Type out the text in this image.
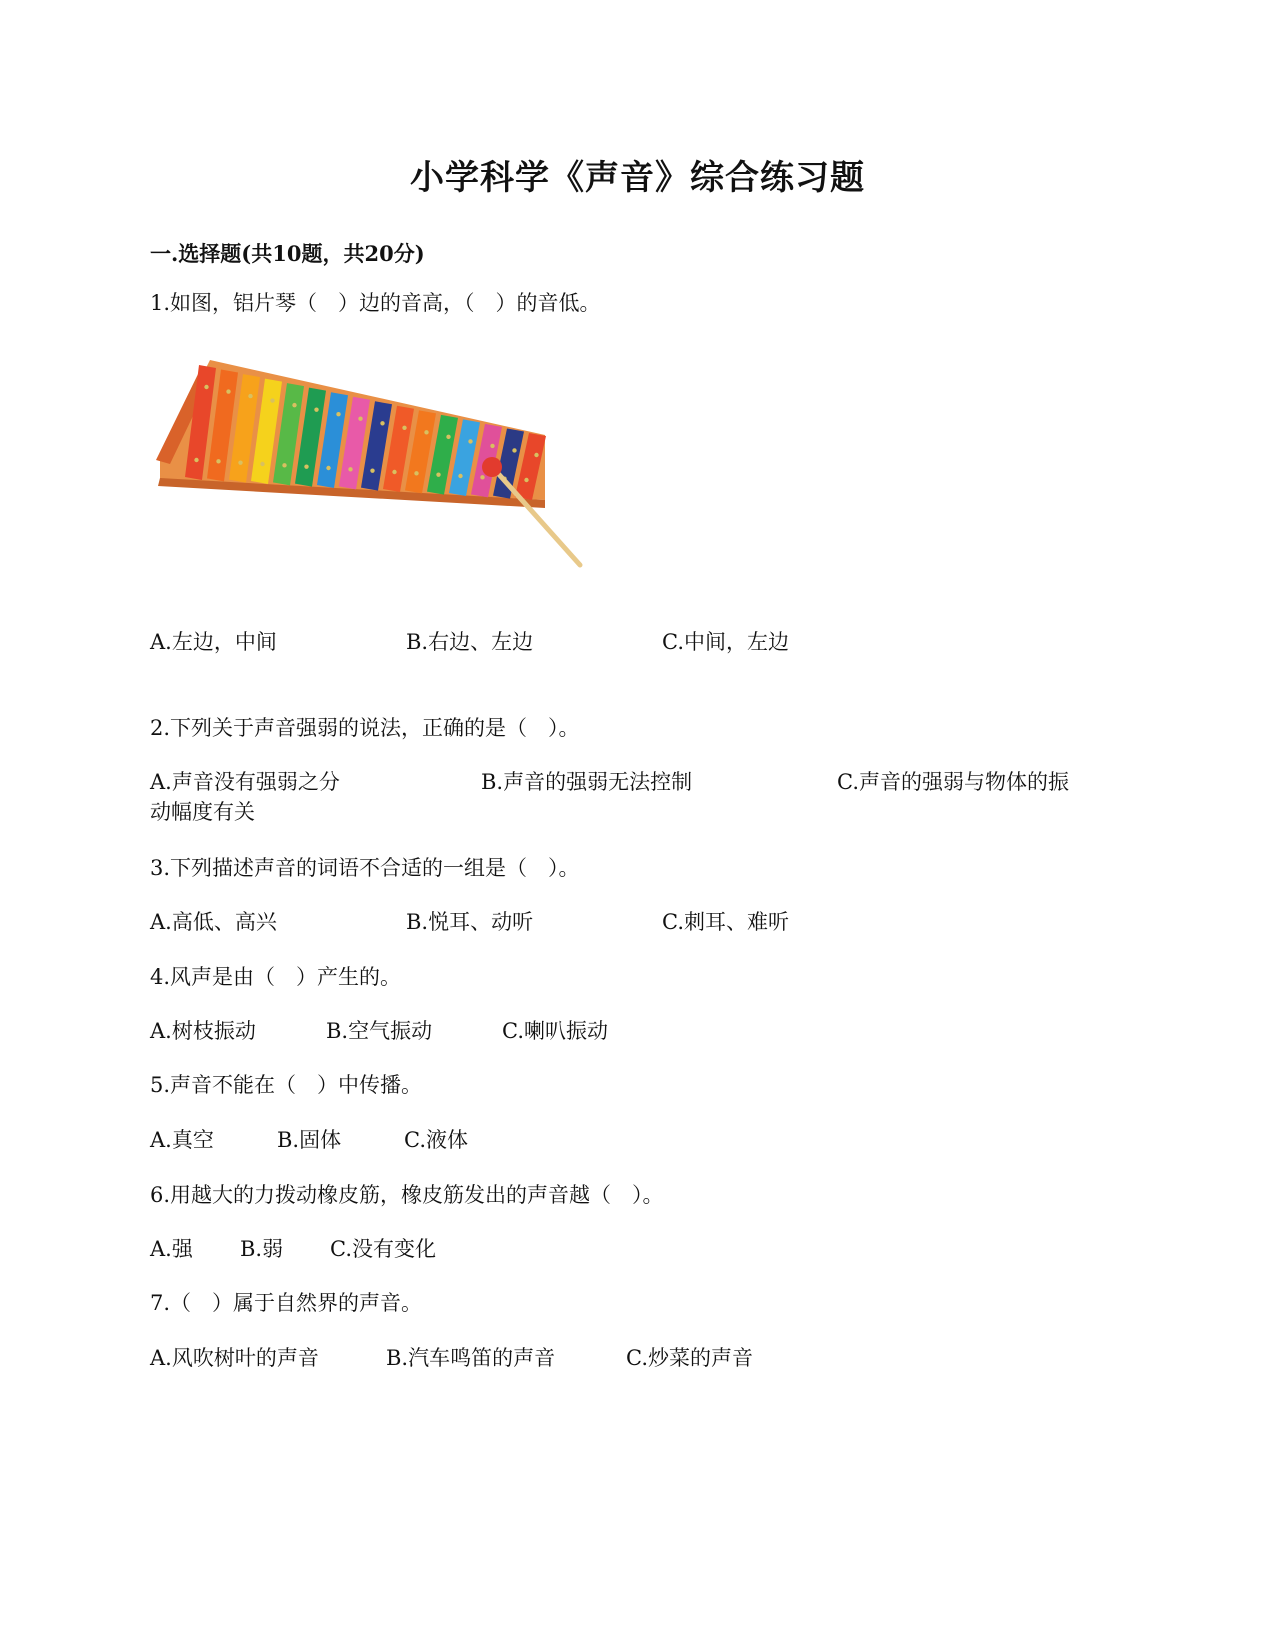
小学科学《声音》综合练习题
一.选择题(共10题，共20分)
1.如图，铝片琴（　）边的音高，（　）的音低。
A.左边，中间	B.右边、左边	C.中间，左边
2.下列关于声音强弱的说法，正确的是（　）。
A.声音没有强弱之分	B.声音的强弱无法控制	C.声音的强弱与物体的振
动幅度有关
3.下列描述声音的词语不合适的一组是（　）。
A.高低、高兴	B.悦耳、动听	C.刺耳、难听
4.风声是由（　）产生的。
A.树枝振动	B.空气振动	C.喇叭振动
5.声音不能在（　）中传播。
A.真空	B.固体	C.液体
6.用越大的力拨动橡皮筋，橡皮筋发出的声音越（　）。
A.强 B.弱 C.没有变化
7.（　）属于自然界的声音。
A.风吹树叶的声音	B.汽车鸣笛的声音	C.炒菜的声音
